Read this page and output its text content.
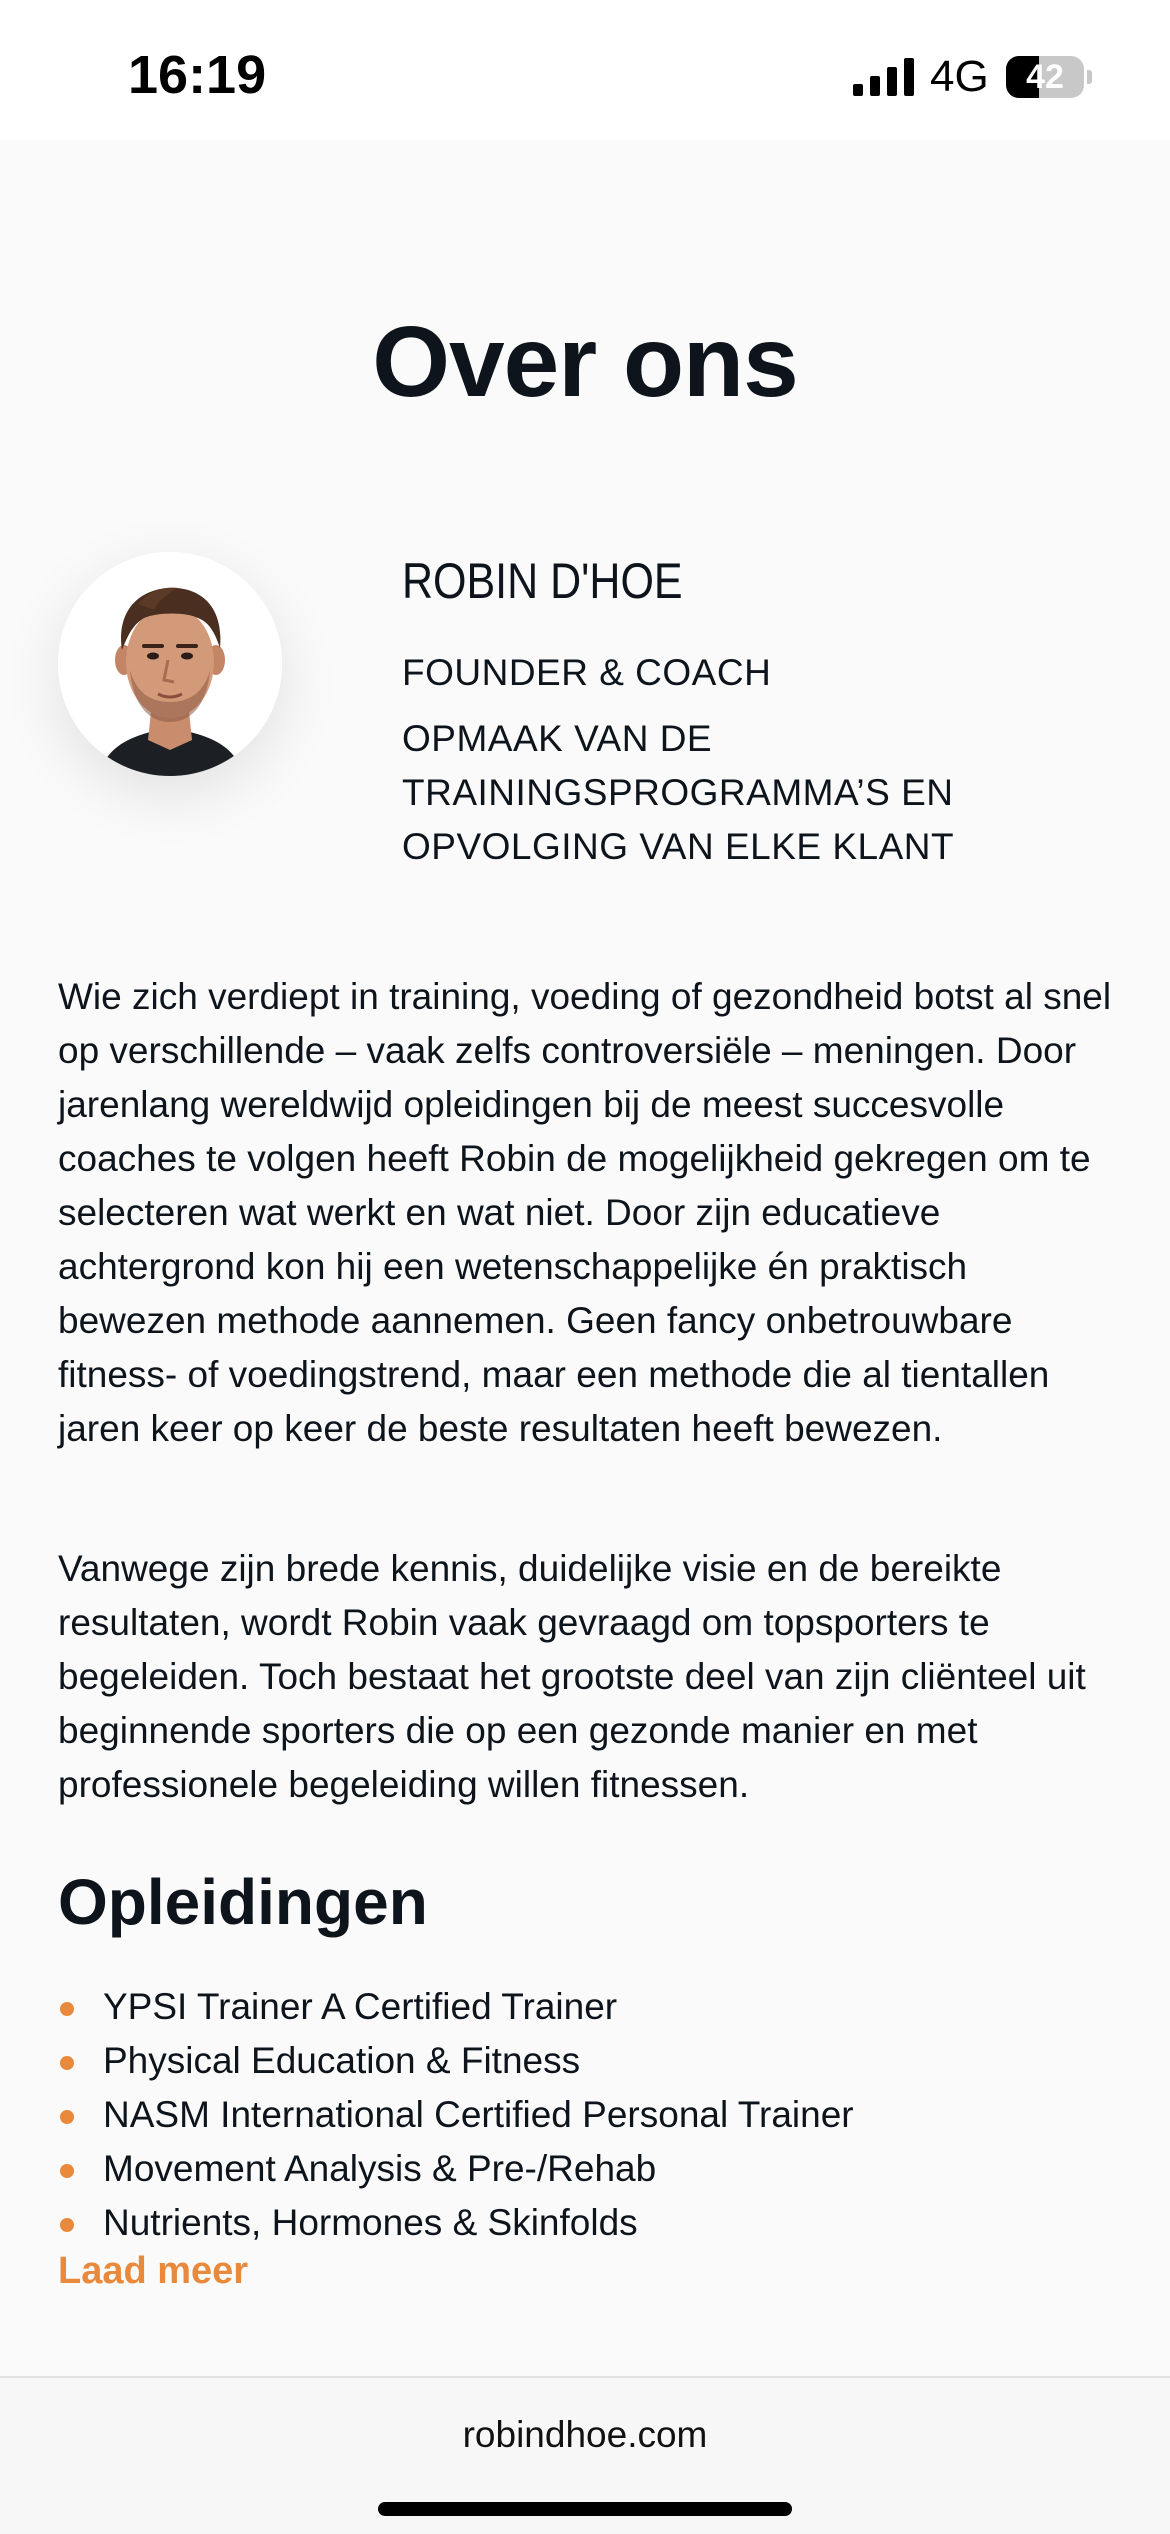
16:19	4G	42
Over ons
ROBIN D'HOE
FOUNDER & COACH
OPMAAK VAN DE TRAININGSPROGRAMMA’S EN OPVOLGING VAN ELKE KLANT

Wie zich verdiept in training, voeding of gezondheid botst al snel op verschillende – vaak zelfs controversiële – meningen. Door jarenlang wereldwijd opleidingen bij de meest succesvolle coaches te volgen heeft Robin de mogelijkheid gekregen om te selecteren wat werkt en wat niet. Door zijn educatieve achtergrond kon hij een wetenschappelijke én praktisch bewezen methode aannemen. Geen fancy onbetrouwbare fitness- of voedingstrend, maar een methode die al tientallen jaren keer op keer de beste resultaten heeft bewezen.

Vanwege zijn brede kennis, duidelijke visie en de bereikte resultaten, wordt Robin vaak gevraagd om topsporters te begeleiden. Toch bestaat het grootste deel van zijn cliënteel uit beginnende sporters die op een gezonde manier en met professionele begeleiding willen fitnessen.

Opleidingen
YPSI Trainer A Certified Trainer
Physical Education & Fitness
NASM International Certified Personal Trainer
Movement Analysis & Pre-/Rehab
Nutrients, Hormones & Skinfolds
Laad meer
robindhoe.com
